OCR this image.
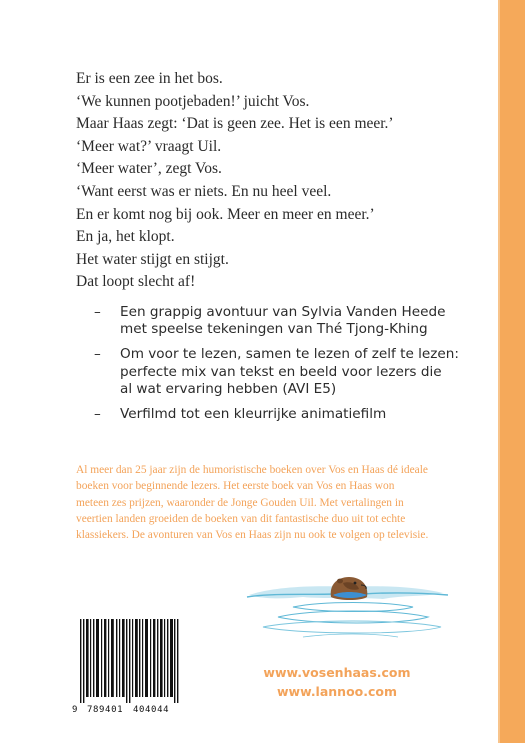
Er is een zee in het bos.
‘We kunnen pootjebaden!’ juicht Vos.
Maar Haas zegt: ‘Dat is geen zee. Het is een meer.’
‘Meer wat?’ vraagt Uil.
‘Meer water’, zegt Vos.
‘Want eerst was er niets. En nu heel veel.
En er komt nog bij ook. Meer en meer en meer.’
En ja, het klopt.
Het water stijgt en stijgt.
Dat loopt slecht af!
– Een grappig avontuur van Sylvia Vanden Heede
met speelse tekeningen van Thé Tjong-Khing
– Om voor te lezen, samen te lezen of zelf te lezen:
perfecte mix van tekst en beeld voor lezers die
al wat ervaring hebben (AVI E5)
– Verfilmd tot een kleurrijke animatiefilm

Al meer dan 25 jaar zijn de humoristische boeken over Vos en Haas dé ideale
boeken voor beginnende lezers. Het eerste boek van Vos en Haas won
meteen zes prijzen, waaronder de Jonge Gouden Uil. Met vertalingen in
veertien landen groeiden de boeken van dit fantastische duo uit tot echte
klassiekers. De avonturen van Vos en Haas zijn nu ook te volgen op televisie.

9 789401 404044
www.vosenhaas.com
www.lannoo.com
